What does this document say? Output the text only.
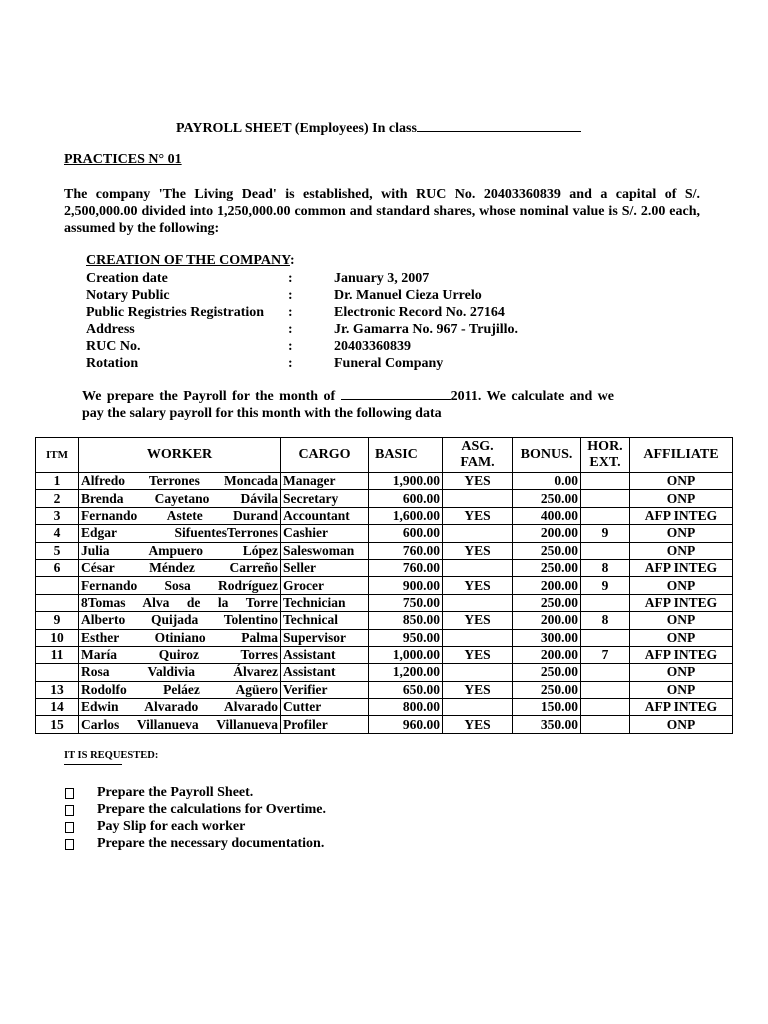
PAYROLL SHEET (Employees) In class
PRACTICES N° 01
The company 'The Living Dead' is established, with RUC No. 20403360839 and a capital of S/. 2,500,000.00 divided into 1,250,000.00 common and standard shares, whose nominal value is S/. 2.00 each, assumed by the following:
CREATION OF THE COMPANY:
Creation date	:	January 3, 2007
Notary Public	:	Dr. Manuel Cieza Urrelo
Public Registries Registration :	Electronic Record No. 27164
Address	:	Jr. Gamarra No. 967 - Trujillo.
RUC No.	:	20403360839
Rotation	:	Funeral Company
We prepare the Payroll for the month of	2011. We calculate and we pay the salary payroll for this month with the following data
ITM	WORKER	CARGO	BASIC	ASG. FAM.	BONUS.	HOR. EXT.	AFFILIATE
1	Alfredo Terrones Moncada	Manager	1,900.00	YES	0.00		ONP
2	Brenda Cayetano Dávila	Secretary	600.00		250.00		ONP
3	Fernando Astete Durand	Accountant	1,600.00	YES	400.00		AFP INTEG
4	Edgar SifuentesTerrones	Cashier	600.00		200.00	9	ONP
5	Julia Ampuero López	Saleswoman	760.00	YES	250.00		ONP
6	César Méndez Carreño	Seller	760.00		250.00	8	AFP INTEG
	Fernando Sosa Rodríguez	Grocer	900.00	YES	200.00	9	ONP
	8Tomas Alva de la Torre	Technician	750.00		250.00		AFP INTEG
9	Alberto Quijada Tolentino	Technical	850.00	YES	200.00	8	ONP
10	Esther Otiniano Palma	Supervisor	950.00		300.00		ONP
11	María Quiroz Torres	Assistant	1,000.00	YES	200.00	7	AFP INTEG
	Rosa Valdivia Álvarez	Assistant	1,200.00		250.00		ONP
13	Rodolfo Peláez Agüero	Verifier	650.00	YES	250.00		ONP
14	Edwin Alvarado Alvarado	Cutter	800.00		150.00		AFP INTEG
15	Carlos Villanueva Villanueva	Profiler	960.00	YES	350.00		ONP
IT IS REQUESTED:
Prepare the Payroll Sheet.
Prepare the calculations for Overtime.
Pay Slip for each worker
Prepare the necessary documentation.
